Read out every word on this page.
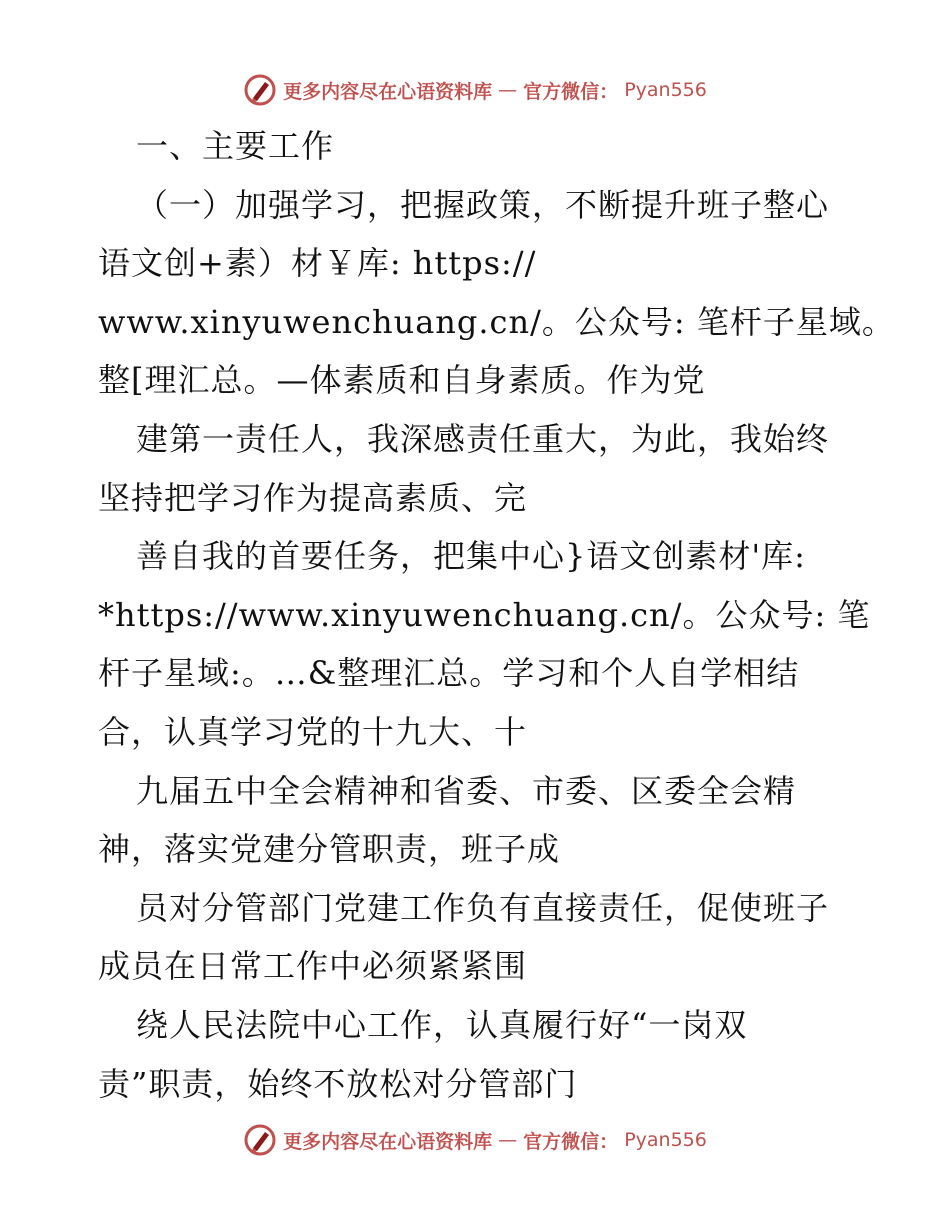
更多内容尽在心语资料库 — 官方微信： Pyan556
一、主要工作
（一）加强学习，把握政策，不断提升班子整心
语文创+素）材￥库: https://
www.xinyuwenchuang.cn/。公众号: 笔杆子星域。
整[理汇总。—体素质和自身素质。作为党
建第一责任人，我深感责任重大，为此，我始终
坚持把学习作为提高素质、完
善自我的首要任务，把集中心}语文创素材'库:
*https://www.xinyuwenchuang.cn/。公众号: 笔
杆子星域:。…&整理汇总。学习和个人自学相结
合，认真学习党的十九大、十
九届五中全会精神和省委、市委、区委全会精
神，落实党建分管职责，班子成
员对分管部门党建工作负有直接责任，促使班子
成员在日常工作中必须紧紧围
绕人民法院中心工作，认真履行好“一岗双
责”职责，始终不放松对分管部门
更多内容尽在心语资料库 — 官方微信： Pyan556
